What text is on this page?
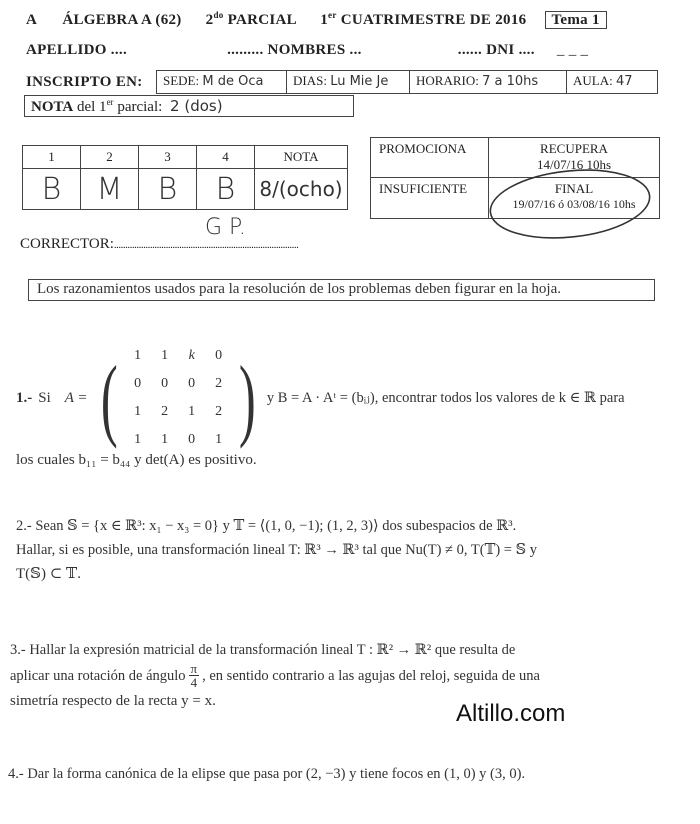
A ÁLGEBRA A (62) $2^{do}$ PARCIAL 1er CUATRIMESTRE DE 2016 Tema 1
APELLIDO ....	......... NOMBRES ...	...... DNI .... _ _ _
INSCRIPTO EN:	SEDE: M de Oca	DIAS: Lu Mie Je	HORARIO: 7 a 10hs	AULA: 47
NOTA del 1er parcial: 2 (dos)
1	2	3	4	NOTA
B	M	B	B	8/(ocho)
PROMOCIONA	RECUPERA
14/07/16 10hs
INSUFICIENTE	FINAL
19/07/16 ó 03/08/16 10hs
CORRECTOR:..................................................................................
G P.
Los razonamientos usados para la resolución de los problemas deben figurar en la hoja.
1.- Si A = ( 1	1	k	0
0	0	0	2
1	2	1	2
1	1	0	1 ) y B = A · Aᵗ = (bᵢⱼ), encontrar todos los valores de k ∈ ℝ para
los cuales b₁₁ = b₄₄ y det(A) es positivo.
2.- Sean 𝕊 = {x ∈ ℝ³: x₁ − x₃ = 0} y 𝕋 = ⟨(1, 0, −1); (1, 2, 3)⟩ dos subespacios de ℝ³.
Hallar, si es posible, una transformación lineal T: ℝ³ → ℝ³ tal que Nu(T) ≠ 0, T(𝕋) = 𝕊 y
T(𝕊) ⊂ 𝕋.
3.- Hallar la expresión matricial de la transformación lineal T : ℝ² → ℝ² que resulta de
aplicar una rotación de ángulo π
4 , en sentido contrario a las agujas del reloj, seguida de una
simetría respecto de la recta y = x.	Altillo.com
4.- Dar la forma canónica de la elipse que pasa por (2, −3) y tiene focos en (1, 0) y (3, 0).
